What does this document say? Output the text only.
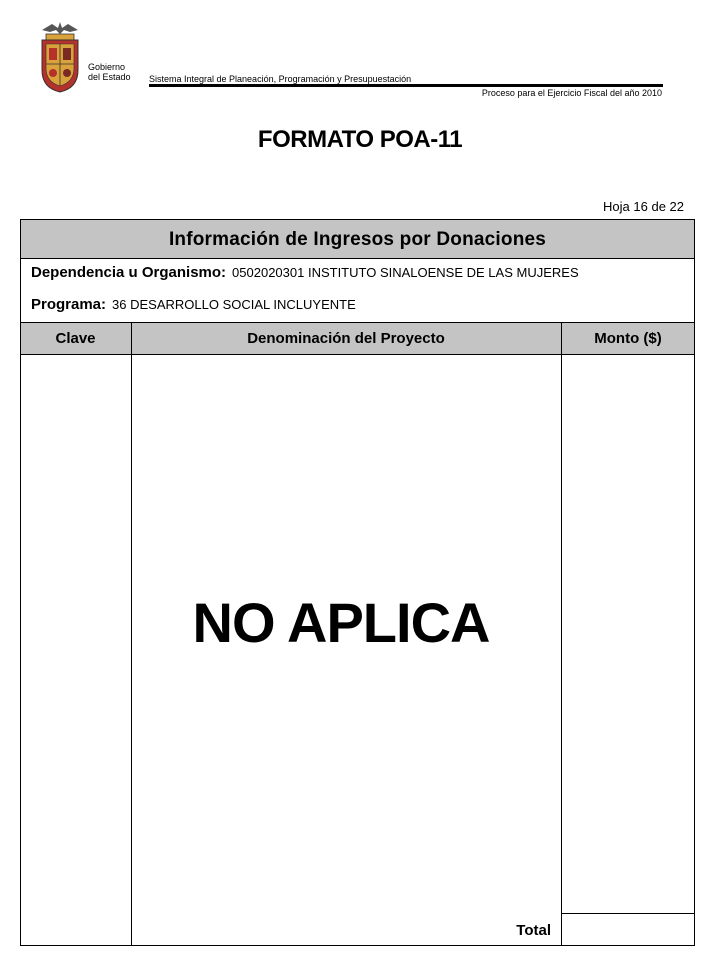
Gobierno
del Estado Sistema Integral de Planeación, Programación y Presupuestación
Proceso para el Ejercicio Fiscal del año 2010
FORMATO POA-11
Hoja 16 de 22
Información de Ingresos por Donaciones
Dependencia u Organismo: 0502020301 INSTITUTO SINALOENSE DE LAS MUJERES
Programa: 36 DESARROLLO SOCIAL INCLUYENTE
Clave	Denominación del Proyecto	Monto ($)
NO APLICA
Total
